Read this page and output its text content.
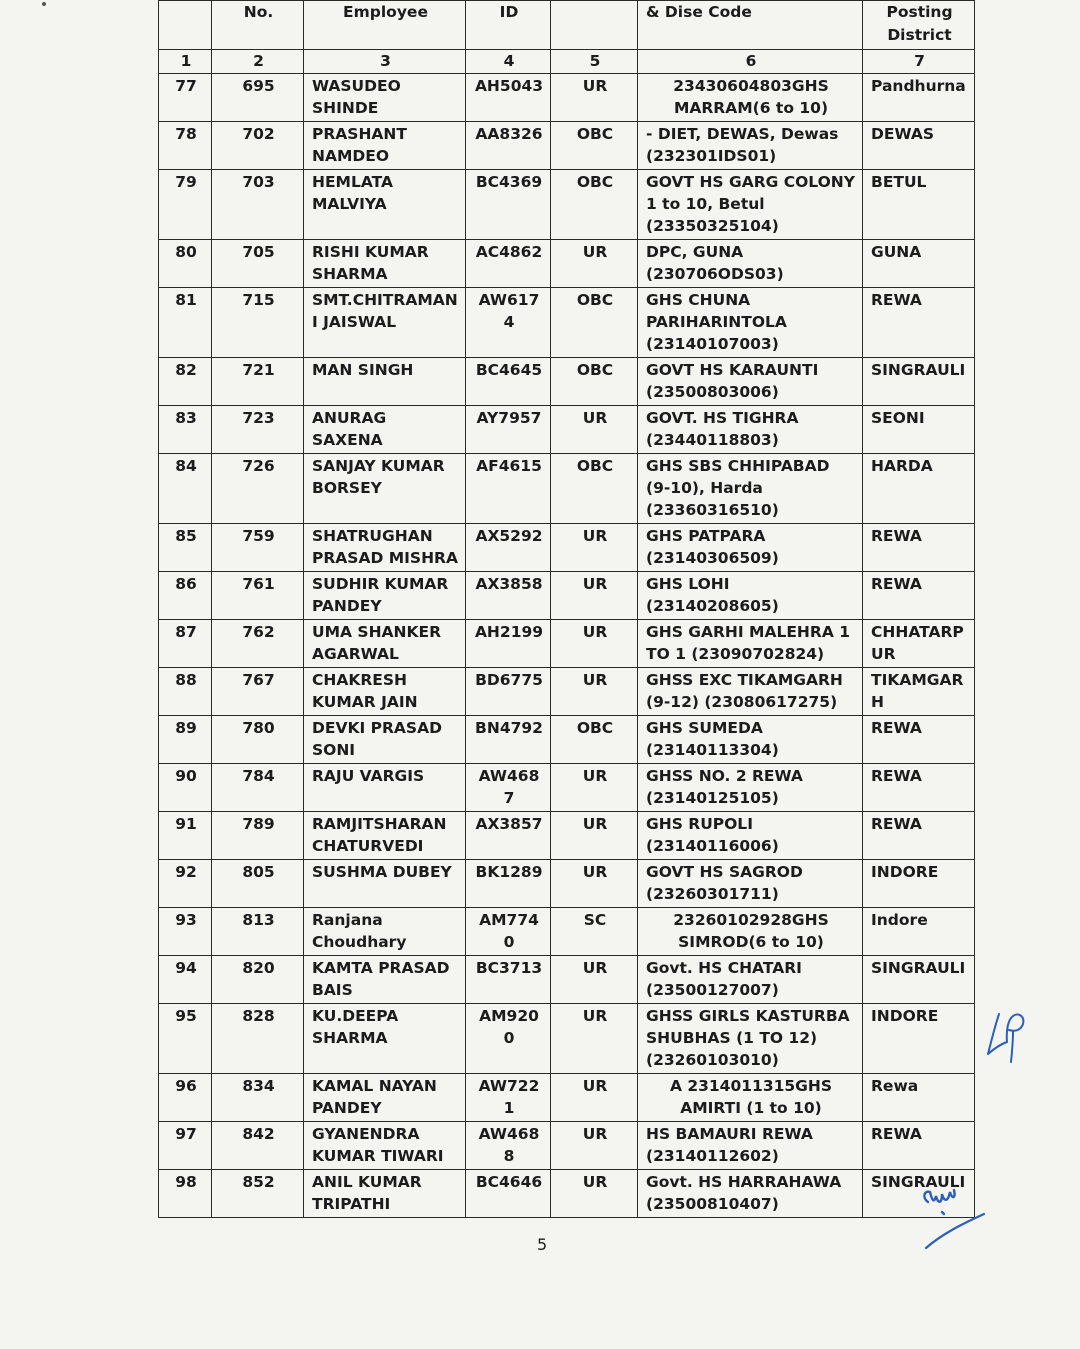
	No.	Employee	ID		& Dise Code	Posting District

1	2	3	4	5	6	7
77	695	WASUDEO SHINDE	AH5043	UR	23430604803GHS MARRAM(6 to 10)	Pandhurna
78	702	PRASHANT NAMDEO	AA8326	OBC	- DIET, DEWAS, Dewas (232301IDS01)	DEWAS
79	703	HEMLATA MALVIYA	BC4369	OBC	GOVT HS GARG COLONY 1 to 10, Betul (23350325104)	BETUL
80	705	RISHI KUMAR SHARMA	AC4862	UR	DPC, GUNA (230706ODS03)	GUNA
81	715	SMT.CHITRAMANI JAISWAL	AW6174	OBC	GHS CHUNA PARIHARINTOLA (23140107003)	REWA
82	721	MAN SINGH	BC4645	OBC	GOVT HS KARAUNTI (23500803006)	SINGRAULI
83	723	ANURAG SAXENA	AY7957	UR	GOVT. HS TIGHRA (23440118803)	SEONI
84	726	SANJAY KUMAR BORSEY	AF4615	OBC	GHS SBS CHHIPABAD (9-10), Harda (23360316510)	HARDA
85	759	SHATRUGHAN PRASAD MISHRA	AX5292	UR	GHS PATPARA (23140306509)	REWA
86	761	SUDHIR KUMAR PANDEY	AX3858	UR	GHS LOHI (23140208605)	REWA
87	762	UMA SHANKER AGARWAL	AH2199	UR	GHS GARHI MALEHRA 1 TO 1 (23090702824)	CHHATARP UR
88	767	CHAKRESH KUMAR JAIN	BD6775	UR	GHSS EXC TIKAMGARH (9-12) (23080617275)	TIKAMGAR H
89	780	DEVKI PRASAD SONI	BN4792	OBC	GHS SUMEDA (23140113304)	REWA
90	784	RAJU VARGIS	AW4687	UR	GHSS NO. 2 REWA (23140125105)	REWA
91	789	RAMJITSHARAN CHATURVEDI	AX3857	UR	GHS RUPOLI (23140116006)	REWA
92	805	SUSHMA DUBEY	BK1289	UR	GOVT HS SAGROD (23260301711)	INDORE
93	813	Ranjana Choudhary	AM7740	SC	23260102928GHS SIMROD(6 to 10)	Indore
94	820	KAMTA PRASAD BAIS	BC3713	UR	Govt. HS CHATARI (23500127007)	SINGRAULI
95	828	KU.DEEPA SHARMA	AM9200	UR	GHSS GIRLS KASTURBA SHUBHAS (1 TO 12) (23260103010)	INDORE
96	834	KAMAL NAYAN PANDEY	AW7221	UR	A 2314011315GHS AMIRTI (1 to 10)	Rewa
97	842	GYANENDRA KUMAR TIWARI	AW4688	UR	HS BAMAURI REWA (23140112602)	REWA
98	852	ANIL KUMAR TRIPATHI	BC4646	UR	Govt. HS HARRAHAWA (23500810407)	SINGRAULI
5
